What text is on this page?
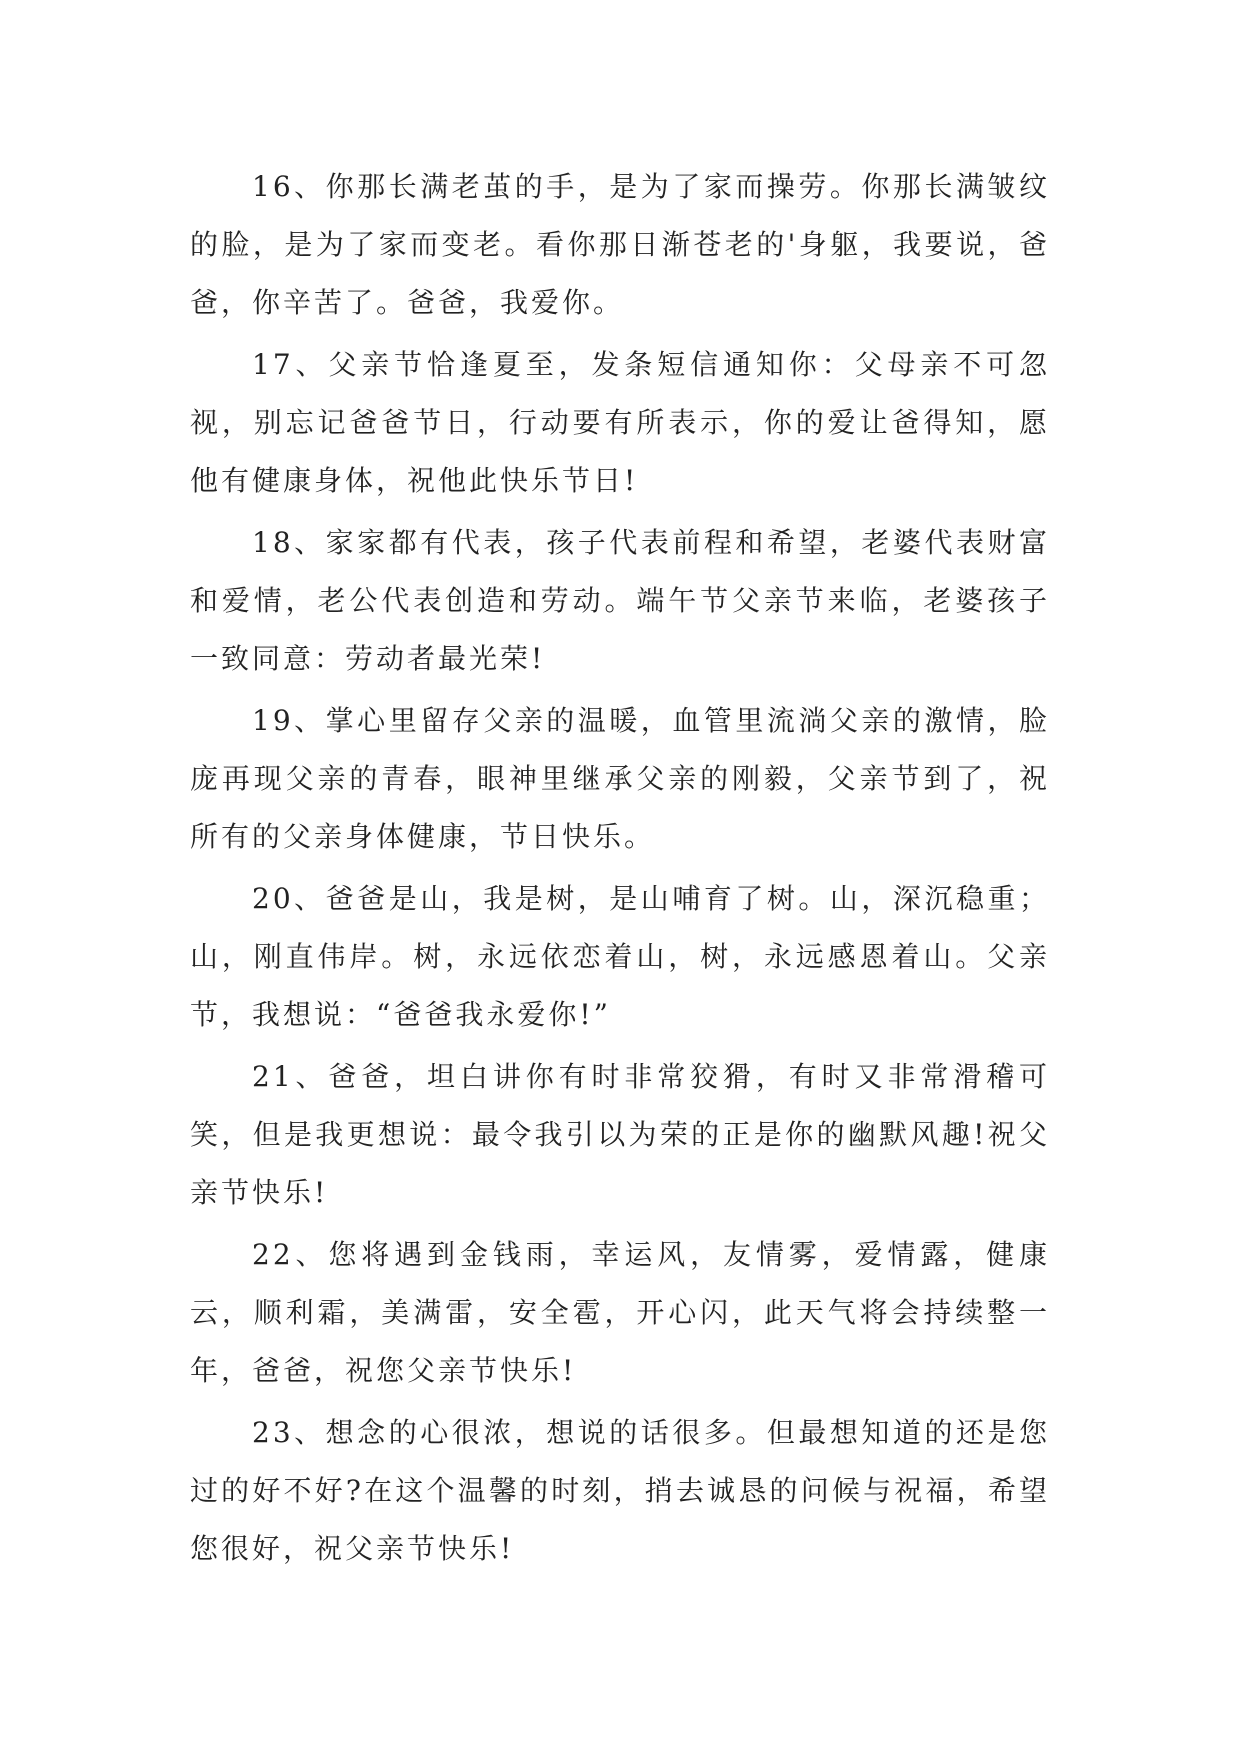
16、你那长满老茧的手，是为了家而操劳。你那长满皱纹的脸，是为了家而变老。看你那日渐苍老的'身躯，我要说，爸爸，你辛苦了。爸爸，我爱你。

17、父亲节恰逢夏至，发条短信通知你：父母亲不可忽视，别忘记爸爸节日，行动要有所表示，你的爱让爸得知，愿他有健康身体，祝他此快乐节日!

18、家家都有代表，孩子代表前程和希望，老婆代表财富和爱情，老公代表创造和劳动。端午节父亲节来临，老婆孩子一致同意：劳动者最光荣!

19、掌心里留存父亲的温暖，血管里流淌父亲的激情，脸庞再现父亲的青春，眼神里继承父亲的刚毅，父亲节到了，祝所有的父亲身体健康，节日快乐。

20、爸爸是山，我是树，是山哺育了树。山，深沉稳重；山，刚直伟岸。树，永远依恋着山，树，永远感恩着山。父亲节，我想说：“爸爸我永爱你!”

21、爸爸，坦白讲你有时非常狡猾，有时又非常滑稽可笑，但是我更想说：最令我引以为荣的正是你的幽默风趣!祝父亲节快乐!

22、您将遇到金钱雨，幸运风，友情雾，爱情露，健康云，顺利霜，美满雷，安全雹，开心闪，此天气将会持续整一年，爸爸，祝您父亲节快乐!

23、想念的心很浓，想说的话很多。但最想知道的还是您过的好不好?在这个温馨的时刻，捎去诚恳的问候与祝福，希望您很好，祝父亲节快乐!
